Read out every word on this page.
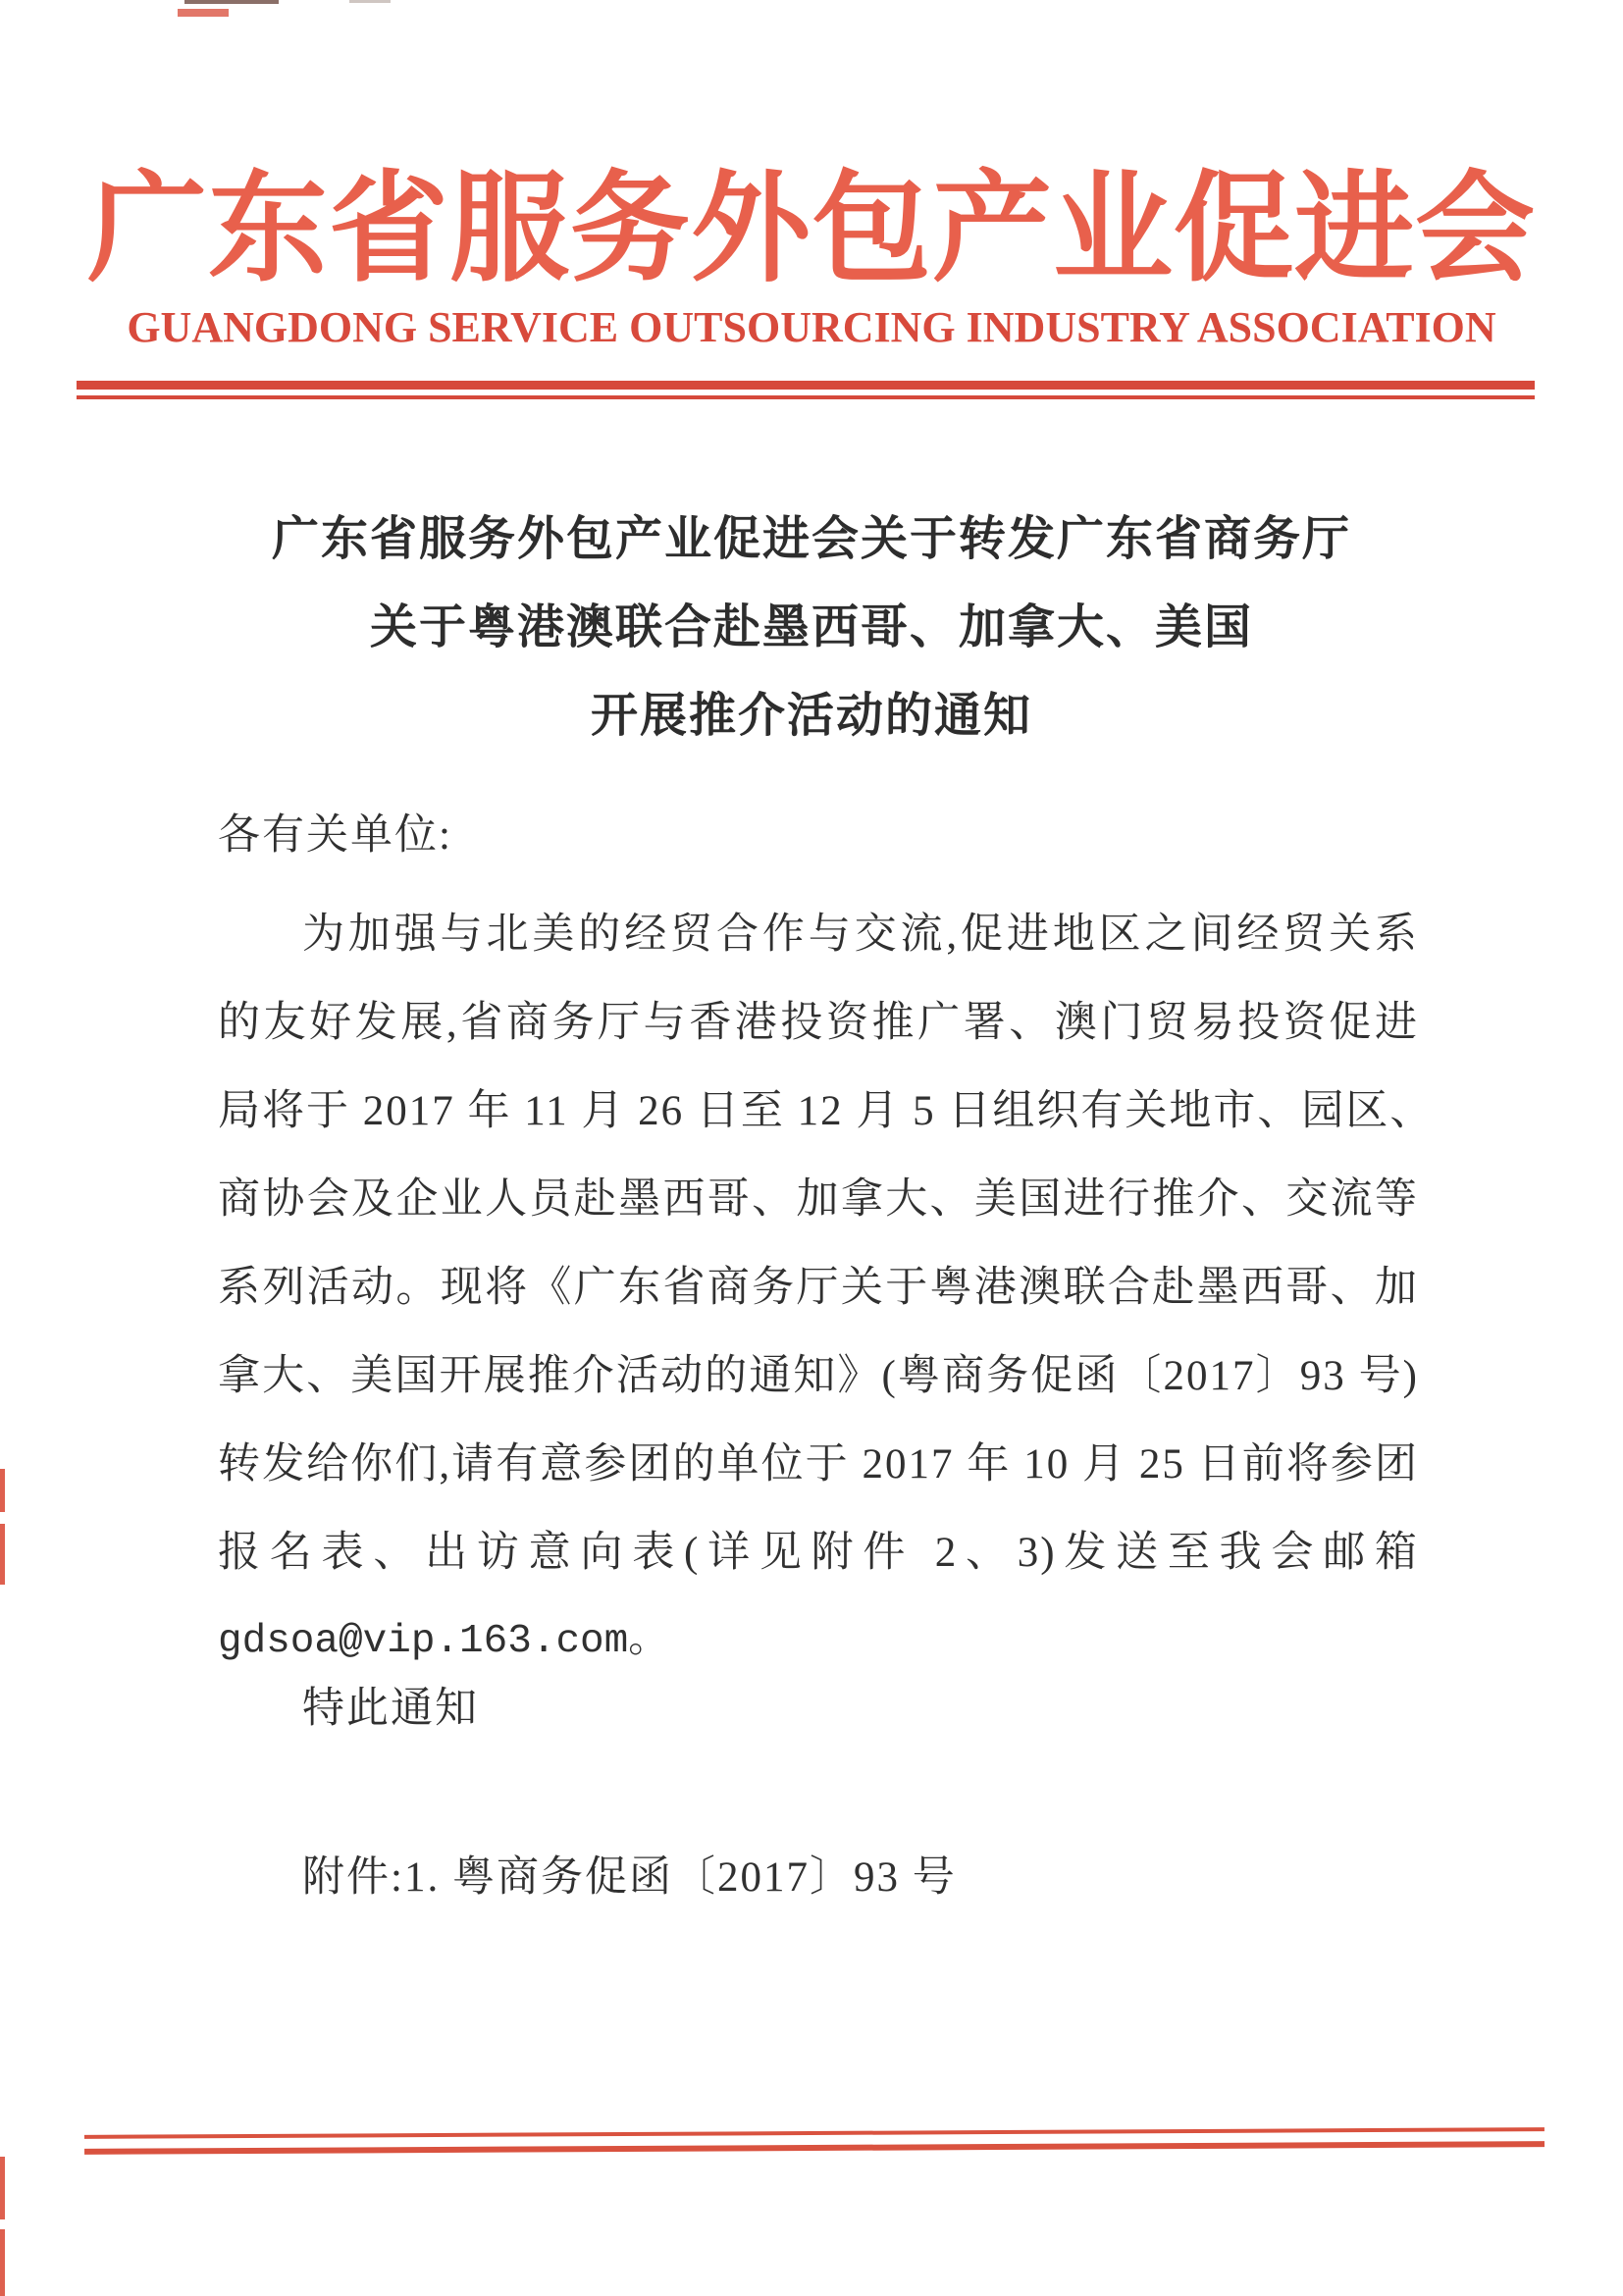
广东省服务外包产业促进会
GUANGDONG SERVICE OUTSOURCING INDUSTRY ASSOCIATION
广东省服务外包产业促进会关于转发广东省商务厅
关于粤港澳联合赴墨西哥、加拿大、美国
开展推介活动的通知
各有关单位:
为加强与北美的经贸合作与交流,促进地区之间经贸关系
的友好发展,省商务厅与香港投资推广署、澳门贸易投资促进
局将于 2017 年 11 月 26 日至 12 月 5 日组织有关地市、园区、
商协会及企业人员赴墨西哥、加拿大、美国进行推介、交流等
系列活动。现将《广东省商务厅关于粤港澳联合赴墨西哥、加
拿大、美国开展推介活动的通知》(粤商务促函〔2017〕93 号)
转发给你们,请有意参团的单位于 2017 年 10 月 25 日前将参团
报名表、出访意向表(详见附件 2、3)发送至我会邮箱
gdsoa@vip.163.com。
特此通知
附件:1. 粤商务促函〔2017〕93 号
